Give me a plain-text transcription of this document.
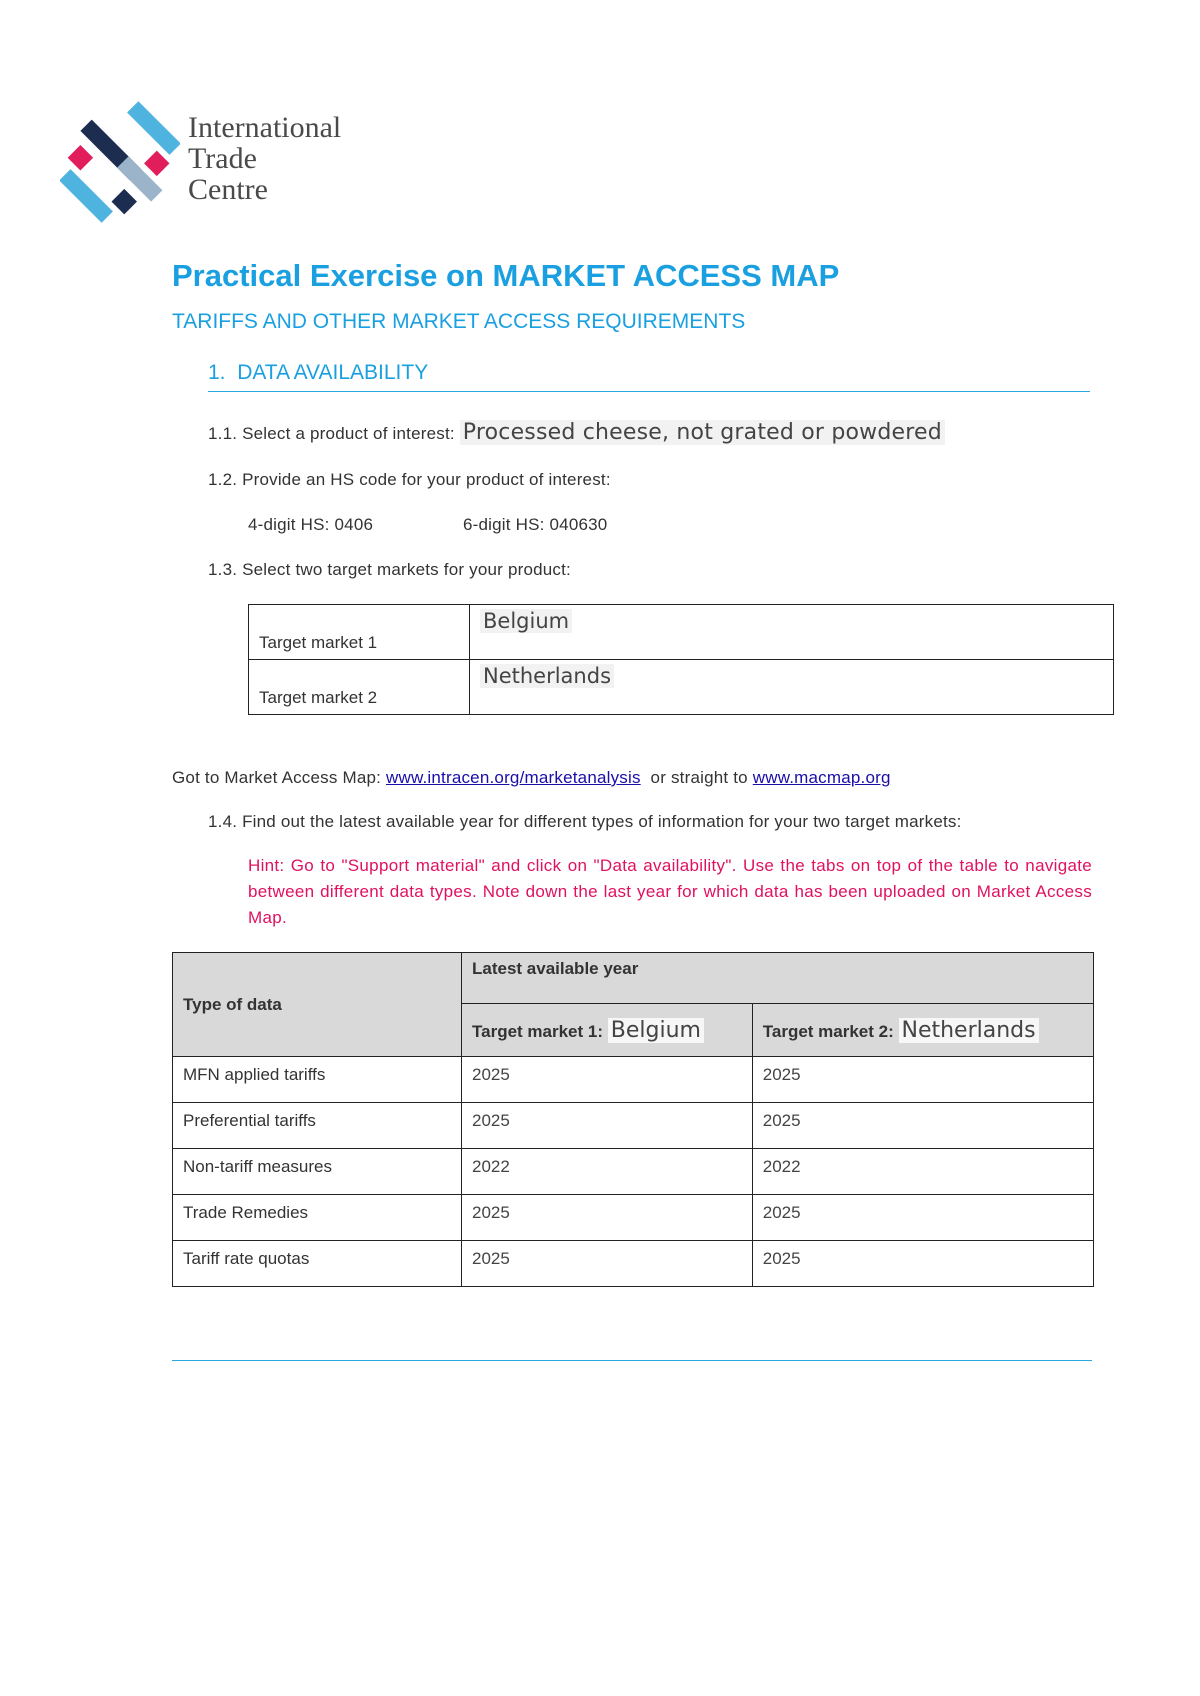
International
Trade
Centre
Practical Exercise on MARKET ACCESS MAP
TARIFFS AND OTHER MARKET ACCESS REQUIREMENTS
1. DATA AVAILABILITY
1.1. Select a product of interest: Processed cheese, not grated or powdered
1.2. Provide an HS code for your product of interest:
4-digit HS: 0406	6-digit HS: 040630
1.3. Select two target markets for your product:
Target market 1	Belgium

Target market 2	Netherlands
Got to Market Access Map: www.intracen.org/marketanalysis  or straight to www.macmap.org
1.4. Find out the latest available year for different types of information for your two target markets:
Hint: Go to "Support material" and click on "Data availability". Use the tabs on top of the table to navigate between different data types. Note down the last year for which data has been uploaded on Market Access Map.
Type of data	Latest available year	
	Target market 1: Belgium	Target market 2: Netherlands
MFN applied tariffs	2025	2025
Preferential tariffs	2025	2025
Non-tariff measures	2022	2022
Trade Remedies	2025	2025
Tariff rate quotas	2025	2025
